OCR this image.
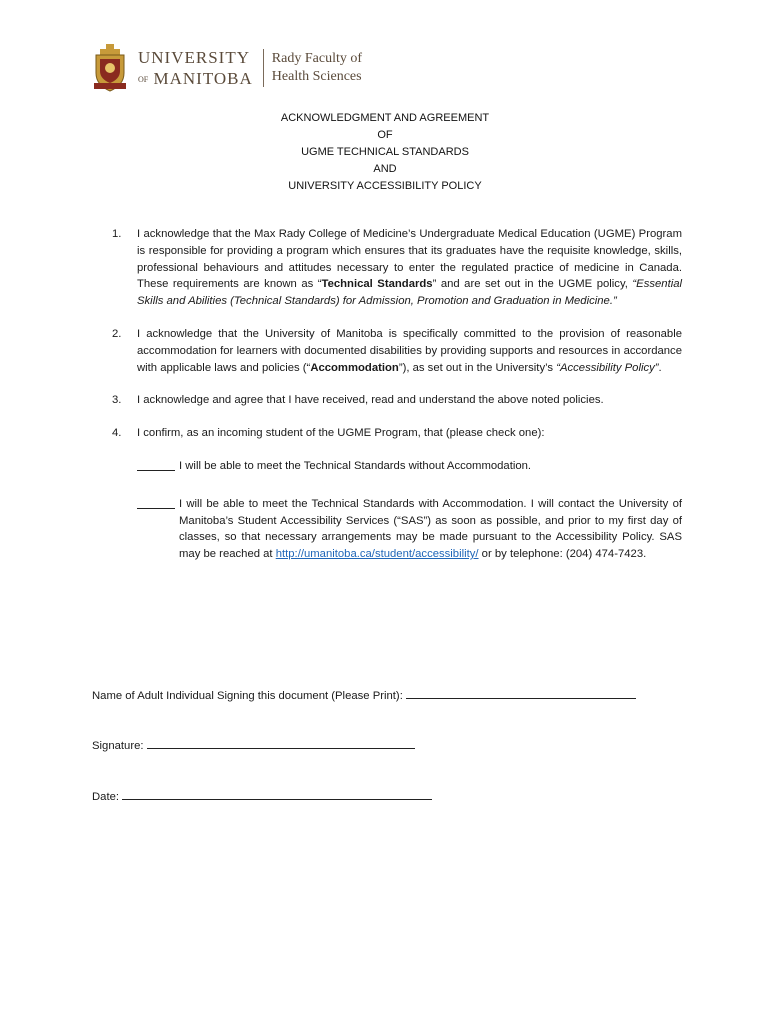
UNIVERSITY
OF MANITOBA
Rady Faculty of
Health Sciences
ACKNOWLEDGMENT AND AGREEMENT
OF
UGME TECHNICAL STANDARDS
AND
UNIVERSITY ACCESSIBILITY POLICY
1.	I acknowledge that the Max Rady College of Medicine’s Undergraduate Medical Education (UGME) Program is responsible for providing a program which ensures that its graduates have the requisite knowledge, skills, professional behaviours and attitudes necessary to enter the regulated practice of medicine in Canada. These requirements are known as “Technical Standards” and are set out in the UGME policy, “Essential Skills and Abilities (Technical Standards) for Admission, Promotion and Graduation in Medicine.”
2.	I acknowledge that the University of Manitoba is specifically committed to the provision of reasonable accommodation for learners with documented disabilities by providing supports and resources in accordance with applicable laws and policies (“Accommodation”), as set out in the University’s “Accessibility Policy”.
3.	I acknowledge and agree that I have received, read and understand the above noted policies.
4.	I confirm, as an incoming student of the UGME Program, that (please check one):
I will be able to meet the Technical Standards without Accommodation.
I will be able to meet the Technical Standards with Accommodation. I will contact the University of Manitoba’s Student Accessibility Services (“SAS”) as soon as possible, and prior to my first day of classes, so that necessary arrangements may be made pursuant to the Accessibility Policy. SAS may be reached at http://umanitoba.ca/student/accessibility/ or by telephone: (204) 474-7423.
Name of Adult Individual Signing this document (Please Print):
Signature:
Date:
